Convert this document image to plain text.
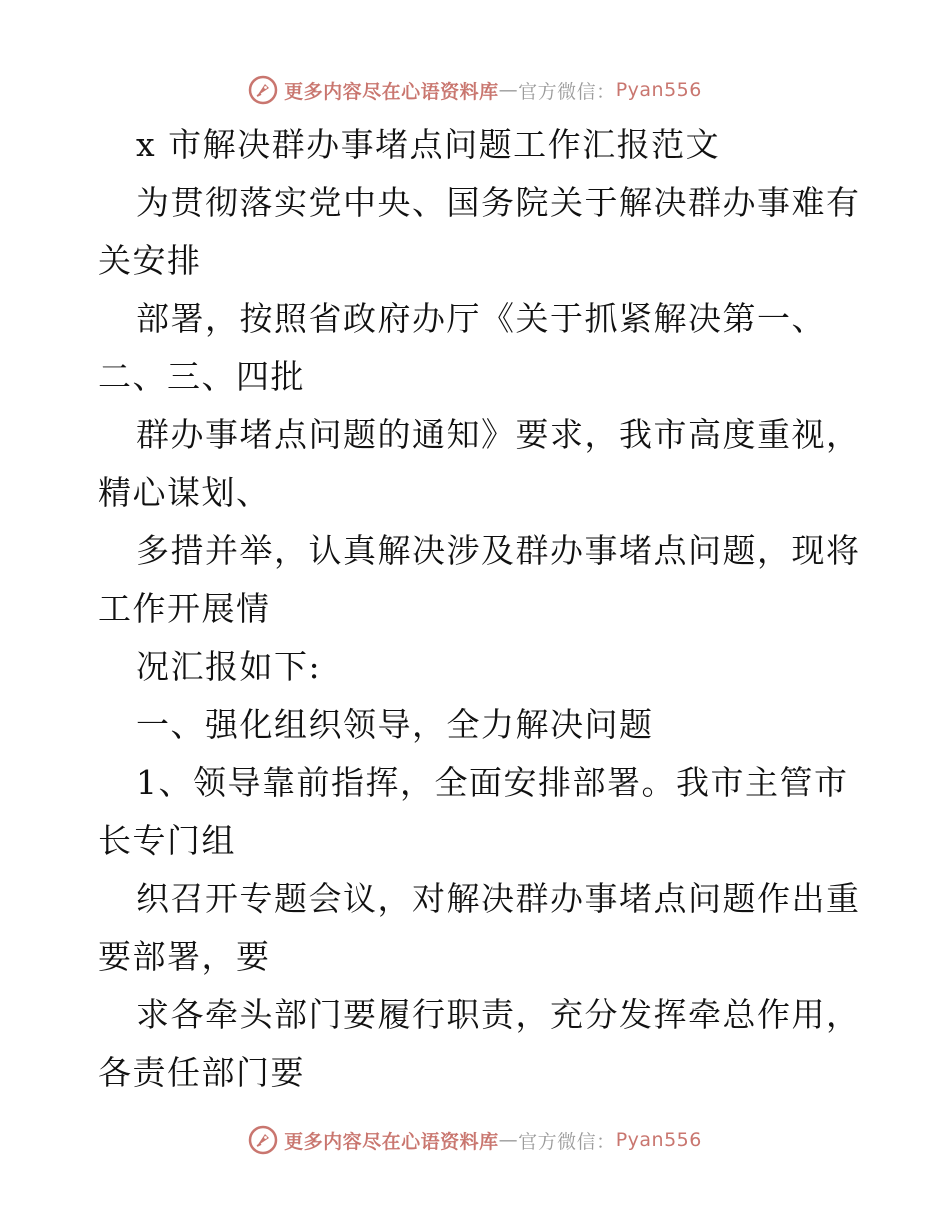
更多内容尽在心语资料库 — 官方微信： Pyan556
x 市解决群办事堵点问题工作汇报范文
为贯彻落实党中央、国务院关于解决群办事难有
关安排
部署，按照省政府办厅《关于抓紧解决第一、
二、三、四批
群办事堵点问题的通知》要求，我市高度重视，
精心谋划、
多措并举，认真解决涉及群办事堵点问题，现将
工作开展情
况汇报如下:
一、强化组织领导，全力解决问题
1、领导靠前指挥，全面安排部署。我市主管市
长专门组
织召开专题会议，对解决群办事堵点问题作出重
要部署，要
求各牵头部门要履行职责，充分发挥牵总作用，
各责任部门要
更多内容尽在心语资料库 — 官方微信： Pyan556
